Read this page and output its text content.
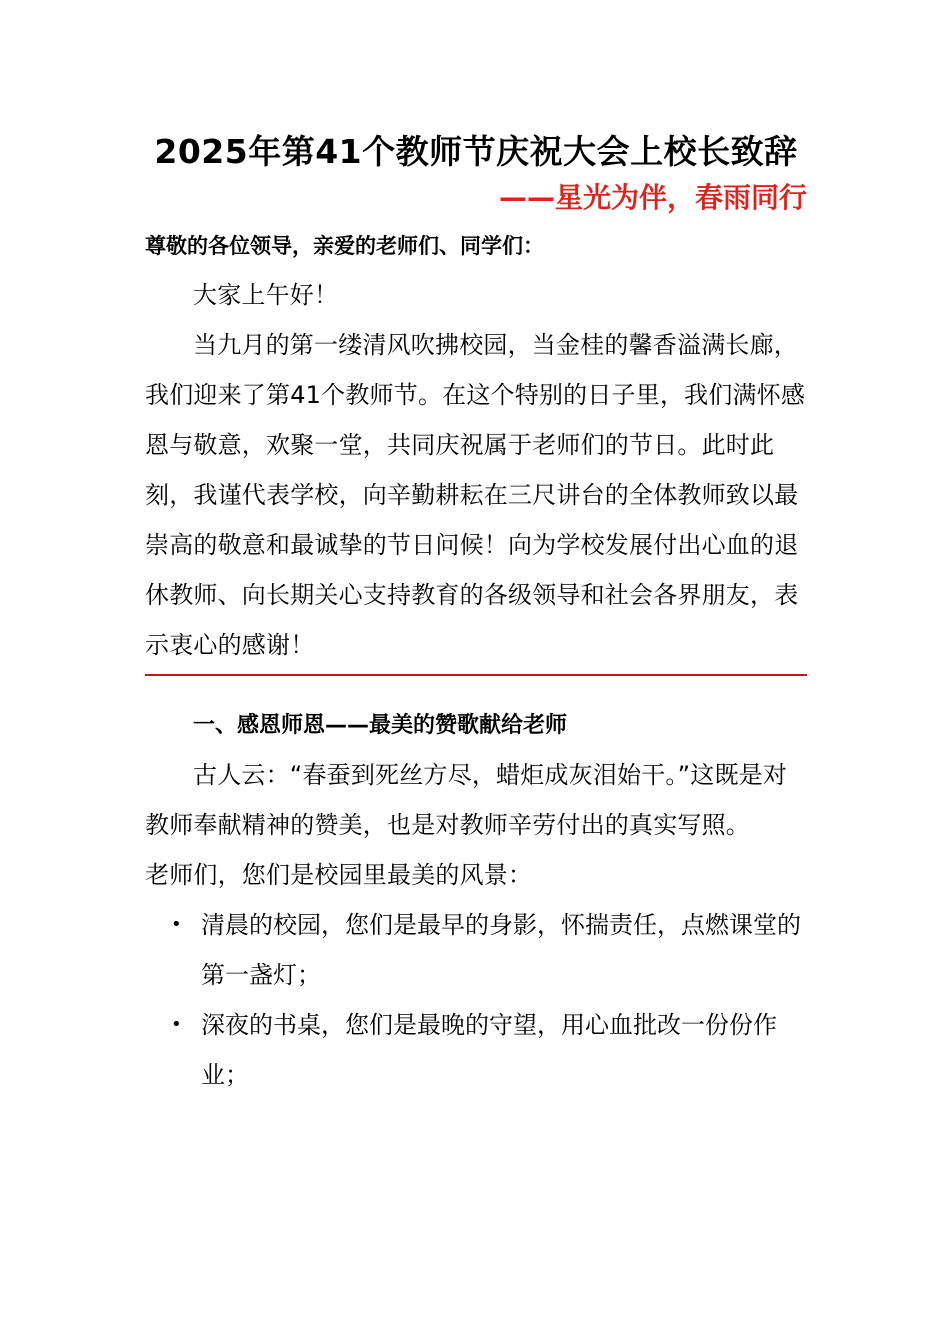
2025年第41个教师节庆祝大会上校长致辞

——星光为伴，春雨同行

尊敬的各位领导，亲爱的老师们、同学们：

大家上午好！

当九月的第一缕清风吹拂校园，当金桂的馨香溢满长廊，我们迎来了第41个教师节。在这个特别的日子里，我们满怀感恩与敬意，欢聚一堂，共同庆祝属于老师们的节日。此时此刻，我谨代表学校，向辛勤耕耘在三尺讲台的全体教师致以最崇高的敬意和最诚挚的节日问候！向为学校发展付出心血的退休教师、向长期关心支持教育的各级领导和社会各界朋友，表示衷心的感谢！

一、感恩师恩——最美的赞歌献给老师

古人云：“春蚕到死丝方尽，蜡炬成灰泪始干。”这既是对教师奉献精神的赞美，也是对教师辛劳付出的真实写照。

老师们，您们是校园里最美的风景：

• 清晨的校园，您们是最早的身影，怀揣责任，点燃课堂的第一盏灯；
• 深夜的书桌，您们是最晚的守望，用心血批改一份份作业；
